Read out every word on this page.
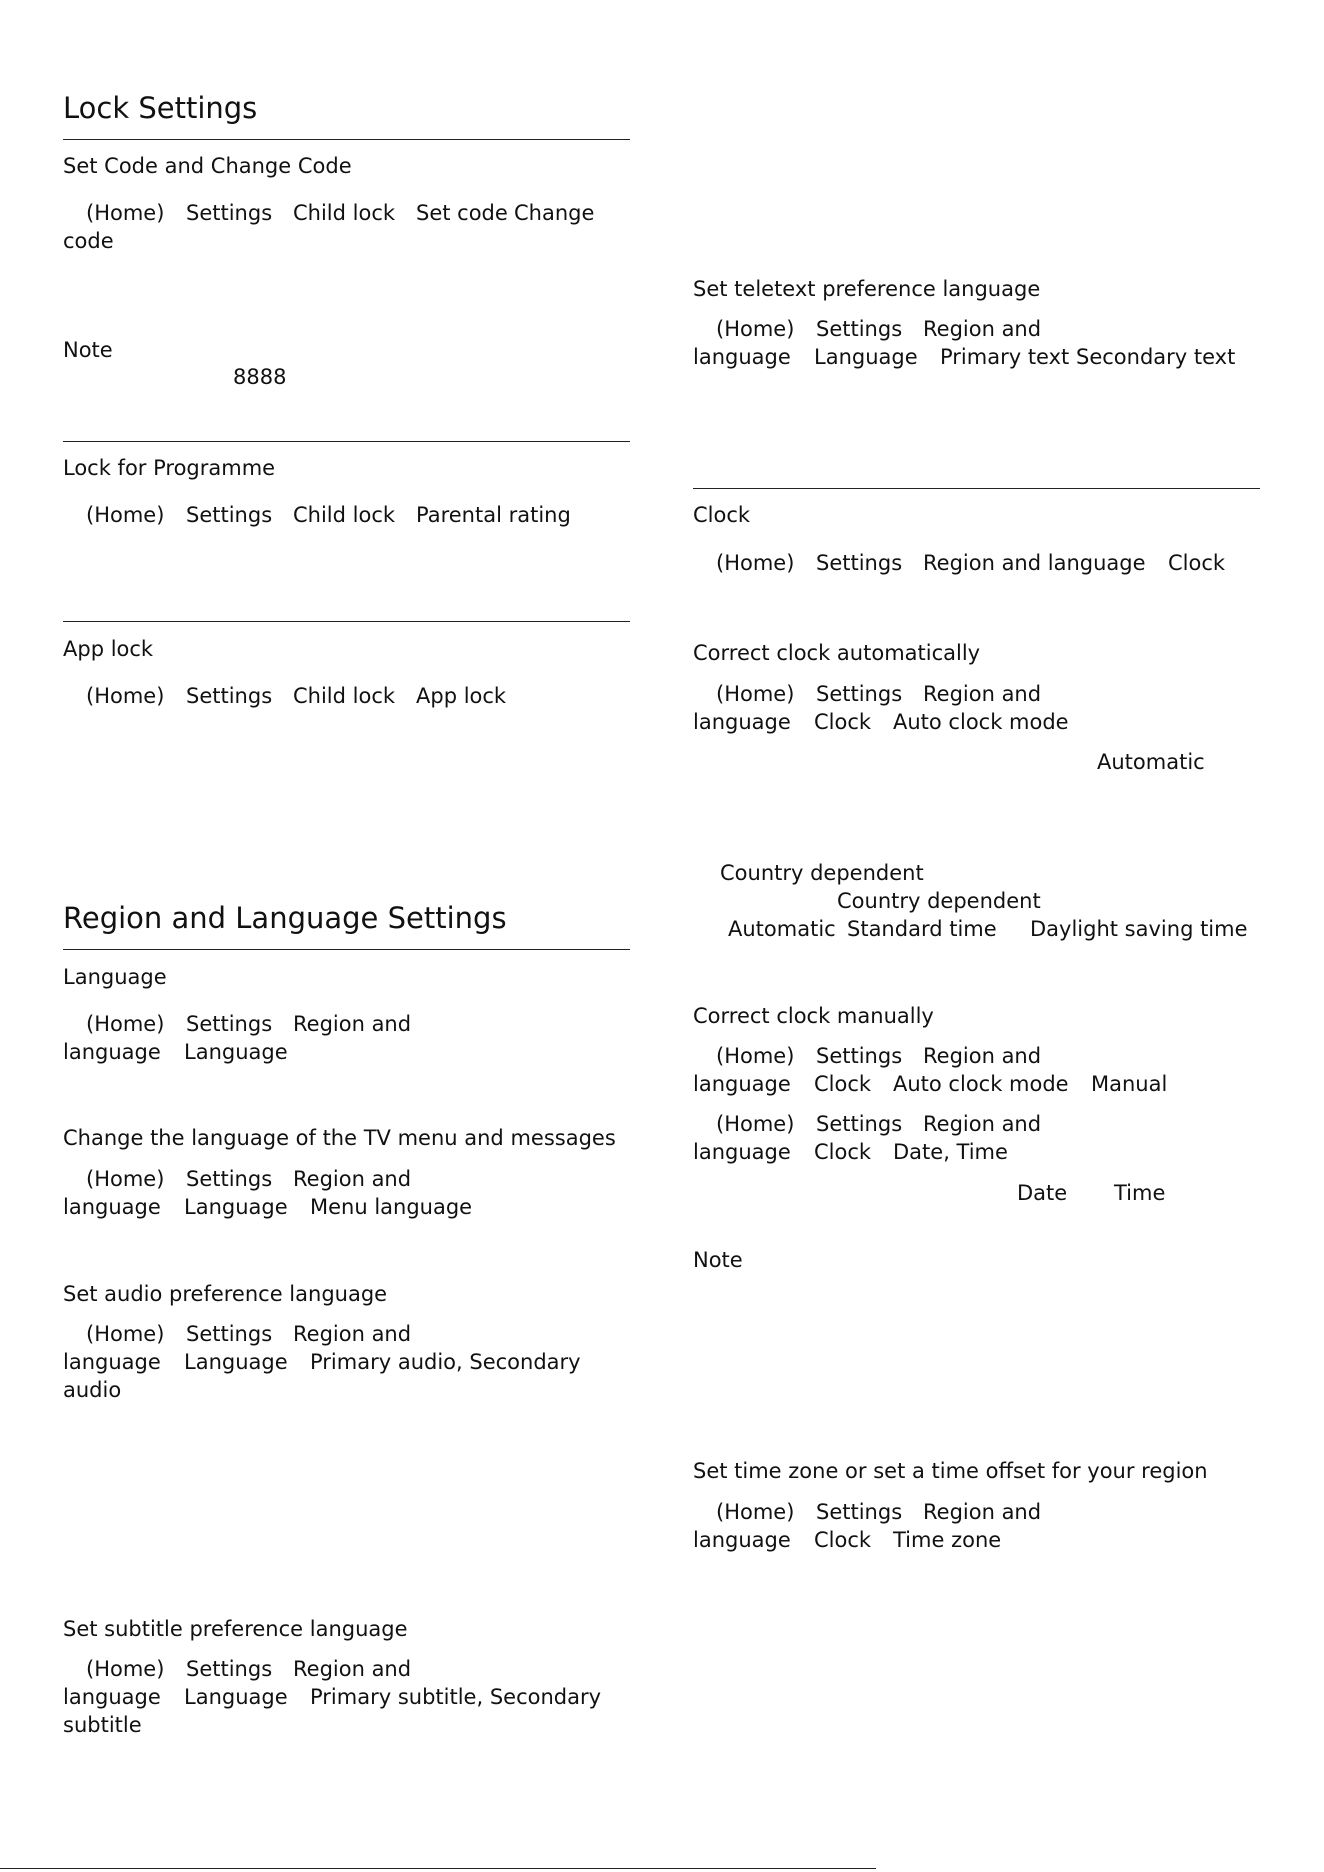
Lock Settings
Set Code and Change Code
(Home) Settings Child lock Set code Change
code
Note
8888
Lock for Programme
(Home) Settings Child lock Parental rating
App lock
(Home) Settings Child lock App lock
Region and Language Settings
Language
(Home) Settings Region and
language Language
Change the language of the TV menu and messages
(Home) Settings Region and
language Language Menu language
Set audio preference language
(Home) Settings Region and
language Language Primary audio, Secondary
audio
Set subtitle preference language
(Home) Settings Region and
language Language Primary subtitle, Secondary
subtitle
Set teletext preference language
(Home) Settings Region and
language Language Primary text Secondary text
Clock
(Home) Settings Region and language Clock
Correct clock automatically
(Home) Settings Region and
language Clock Auto clock mode
Automatic
Country dependent
Country dependent
Automatic Standard time Daylight saving time
Correct clock manually
(Home) Settings Region and
language Clock Auto clock mode Manual
(Home) Settings Region and
language Clock Date, Time
Date Time
Note
Set time zone or set a time offset for your region
(Home) Settings Region and
language Clock Time zone
